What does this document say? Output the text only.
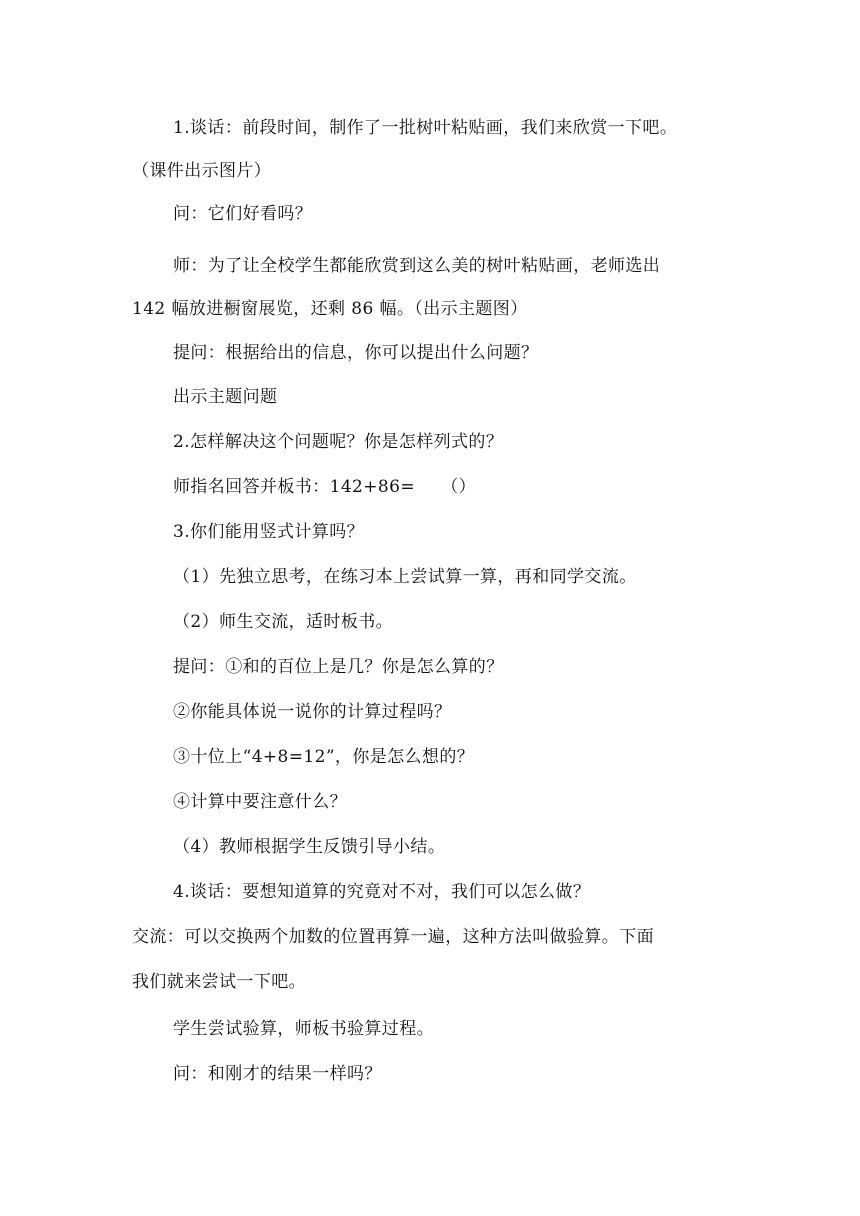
1.谈话：前段时间，制作了一批树叶粘贴画，我们来欣赏一下吧。
（课件出示图片）
问：它们好看吗？
师：为了让全校学生都能欣赏到这么美的树叶粘贴画，老师选出
142 幅放进橱窗展览，还剩 86 幅。（出示主题图）
提问：根据给出的信息，你可以提出什么问题？
出示主题问题
2.怎样解决这个问题呢？你是怎样列式的？
师指名回答并板书：142+86=　　（）
3.你们能用竖式计算吗？
（1）先独立思考，在练习本上尝试算一算，再和同学交流。
（2）师生交流，适时板书。
提问：①和的百位上是几？你是怎么算的？
②你能具体说一说你的计算过程吗？
③十位上“4+8=12”，你是怎么想的？
④计算中要注意什么？
（4）教师根据学生反馈引导小结。
4.谈话：要想知道算的究竟对不对，我们可以怎么做？
交流：可以交换两个加数的位置再算一遍，这种方法叫做验算。下面
我们就来尝试一下吧。
学生尝试验算，师板书验算过程。
问：和刚才的结果一样吗？
